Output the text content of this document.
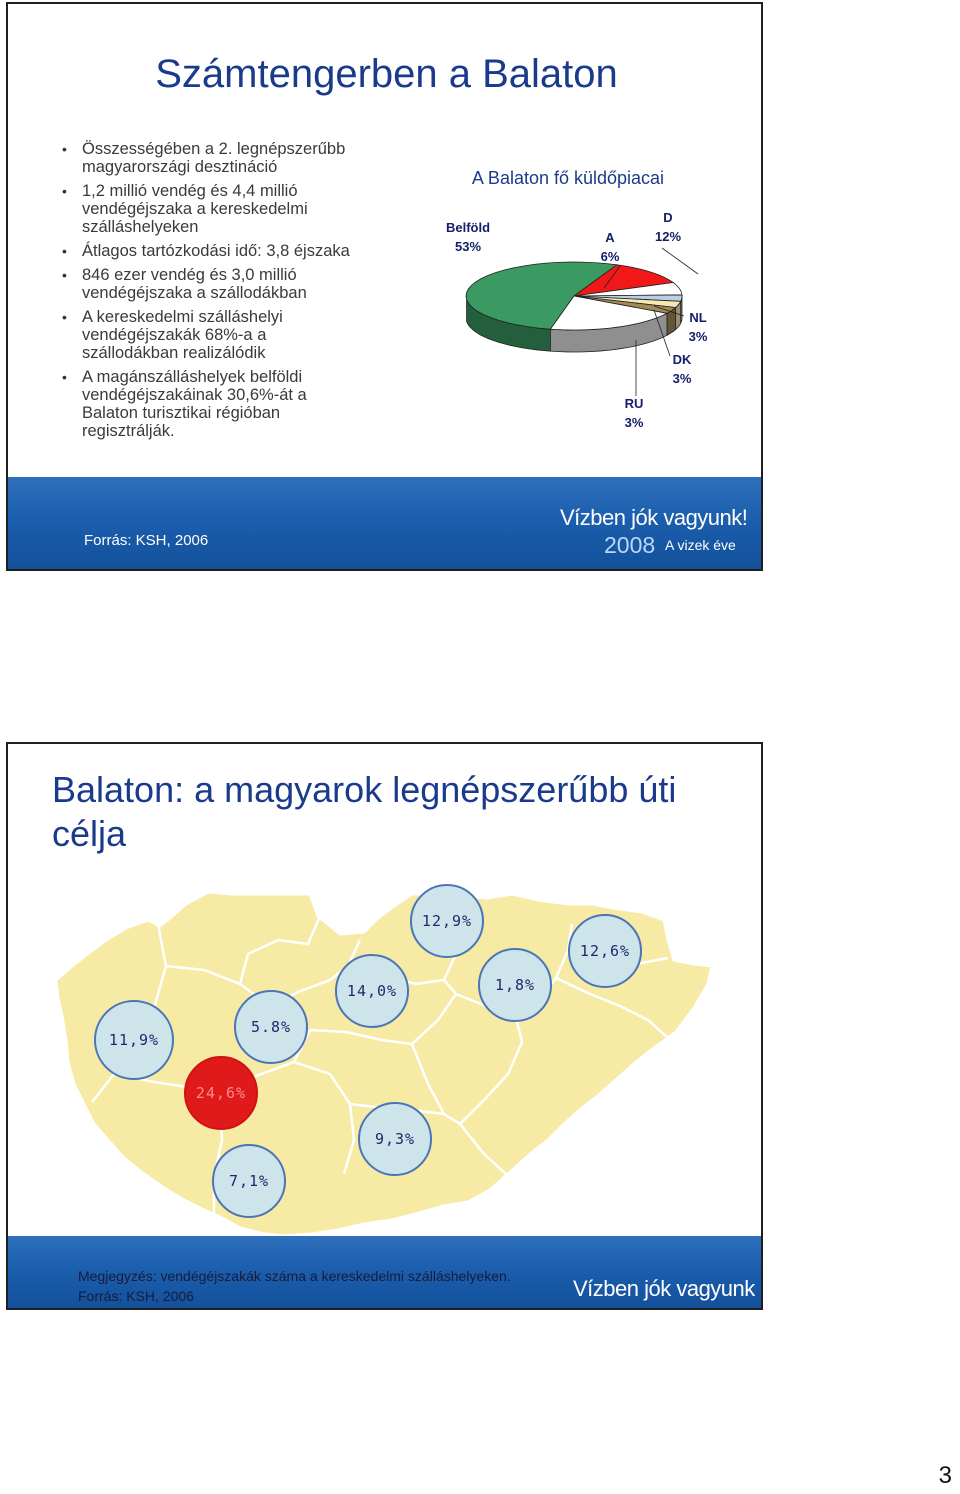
Számtengerben a Balaton
• Összességében a 2. legnépszerűbb magyarországi desztináció
• 1,2 millió vendég és 4,4 millió vendégéjszaka a kereskedelmi szálláshelyeken
• Átlagos tartózkodási idő: 3,8 éjszaka
• 846 ezer vendég és 3,0 millió vendégéjszaka a szállodákban
• A kereskedelmi szálláshelyi vendégéjszakák 68%-a a szállodákban realizálódik
• A magánszálláshelyek belföldi vendégéjszakáinak 30,6%-át a Balaton turisztikai régióban regisztrálják.
A Balaton fő küldőpiacai
Belföld
53%
D
12%
A
6%
NL
3%
DK
3%
RU
3%
Forrás: KSH, 2006
Vízben jók vagyunk!
2008 A vizek éve
Balaton: a magyarok legnépszerűbb úti célja
12,9%
12,6%
14,0%	1,8%
11,9%
5.8%
24,6%
9,3%
7,1%
Vízben jók vagyunk
Megjegyzés: vendégéjszakák száma a kereskedelmi szálláshelyeken.
Forrás: KSH, 2006
3
